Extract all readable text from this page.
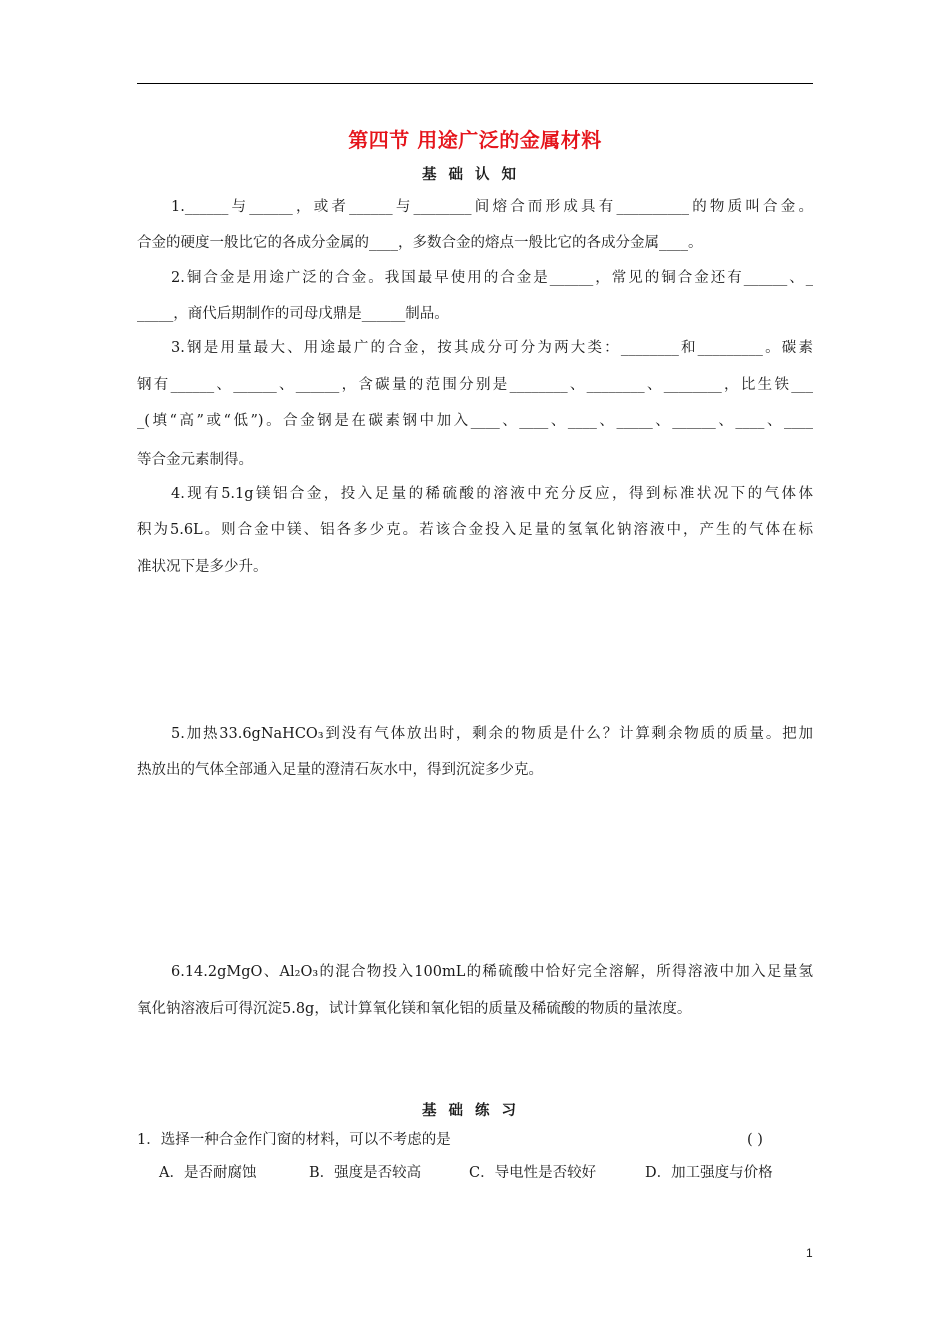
第四节 用途广泛的金属材料
基础认知
1.______与______，或者______与________间熔合而形成具有__________的物质叫合金。
合金的硬度一般比它的各成分金属的____，多数合金的熔点一般比它的各成分金属____。
2.铜合金是用途广泛的合金。我国最早使用的合金是______，常见的铜合金还有______、_
_____，商代后期制作的司母戊鼎是______制品。
3.钢是用量最大、用途最广的合金，按其成分可分为两大类：________和_________。碳素
钢有______、______、______，含碳量的范围分别是________、________、________，比生铁___
_(填“高”或“低”)。合金钢是在碳素钢中加入____、____、____、_____、______、____、____
等合金元素制得。
4.现有5.1g镁铝合金，投入足量的稀硫酸的溶液中充分反应，得到标准状况下的气体体
积为5.6L。则合金中镁、铝各多少克。若该合金投入足量的氢氧化钠溶液中，产生的气体在标
准状况下是多少升。
5.加热33.6gNaHCO₃到没有气体放出时，剩余的物质是什么？计算剩余物质的质量。把加
热放出的气体全部通入足量的澄清石灰水中，得到沉淀多少克。
6.14.2gMgO、Al₂O₃的混合物投入100mL的稀硫酸中恰好完全溶解，所得溶液中加入足量氢
氧化钠溶液后可得沉淀5.8g，试计算氧化镁和氧化铝的质量及稀硫酸的物质的量浓度。
基础练习
1．选择一种合金作门窗的材料，可以不考虑的是	( )
A．是否耐腐蚀	B．强度是否较高	C．导电性是否较好	D．加工强度与价格
1
